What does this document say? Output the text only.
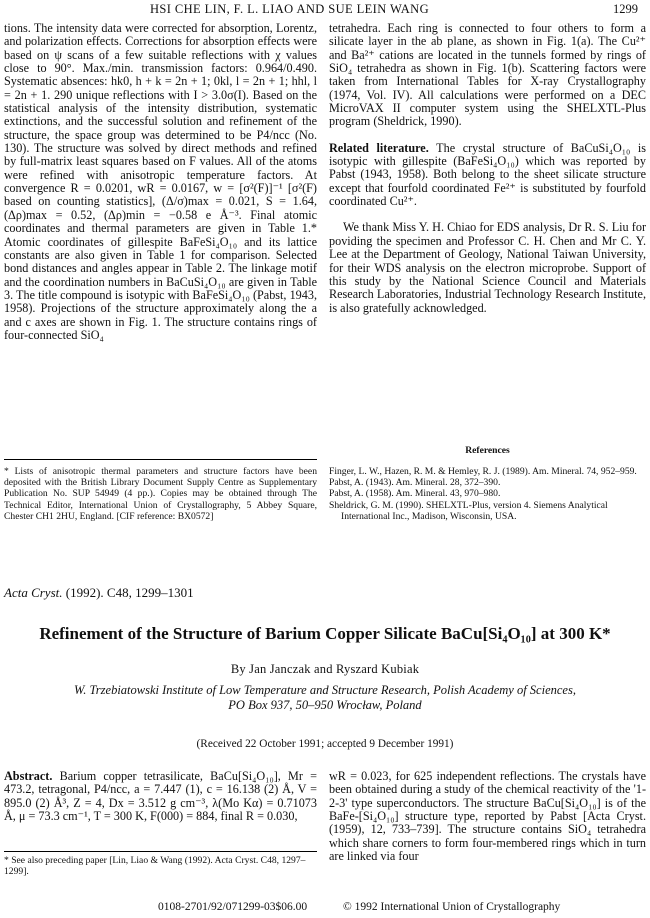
HSI CHE LIN, F. L. LIAO AND SUE LEIN WANG	1299

tions. The intensity data were corrected for absorption, Lorentz, and polarization effects. Corrections for absorption effects were based on ψ scans of a few suitable reflections with χ values close to 90°. Max./min. transmission factors: 0.964/0.490. Systematic absences: hk0, h + k = 2n + 1; 0kl, l = 2n + 1; hhl, l = 2n + 1. 290 unique reflections with I > 3.0σ(I). Based on the statistical analysis of the intensity distribution, systematic extinctions, and the successful solution and refinement of the structure, the space group was determined to be P4/ncc (No. 130). The structure was solved by direct methods and refined by full-matrix least squares based on F values. All of the atoms were refined with anisotropic temperature factors. At convergence R = 0.0201, wR = 0.0167, w = [σ²(F)]⁻¹ [σ²(F) based on counting statistics], (Δ/σ)max = 0.021, S = 1.64, (Δρ)max = 0.52, (Δρ)min = −0.58 e Å⁻³. Final atomic coordinates and thermal parameters are given in Table 1.* Atomic coordinates of gillespite BaFeSi₄O₁₀ and its lattice constants are also given in Table 1 for comparison. Selected bond distances and angles appear in Table 2. The linkage motif and the coordination numbers in BaCuSi₄O₁₀ are given in Table 3. The title compound is isotypic with BaFeSi₄O₁₀ (Pabst, 1943, 1958). Projections of the structure approximately along the a and c axes are shown in Fig. 1. The structure contains rings of four-connected SiO₄

* Lists of anisotropic thermal parameters and structure factors have been deposited with the British Library Document Supply Centre as Supplementary Publication No. SUP 54949 (4 pp.). Copies may be obtained through The Technical Editor, International Union of Crystallography, 5 Abbey Square, Chester CH1 2HU, England. [CIF reference: BX0572]

tetrahedra. Each ring is connected to four others to form a silicate layer in the ab plane, as shown in Fig. 1(a). The Cu²⁺ and Ba²⁺ cations are located in the tunnels formed by rings of SiO₄ tetrahedra as shown in Fig. 1(b). Scattering factors were taken from International Tables for X-ray Crystallography (1974, Vol. IV). All calculations were performed on a DEC MicroVAX II computer system using the SHELXTL-Plus program (Sheldrick, 1990).

Related literature. The crystal structure of BaCuSi₄O₁₀ is isotypic with gillespite (BaFeSi₄O₁₀) which was reported by Pabst (1943, 1958). Both belong to the sheet silicate structure except that fourfold coordinated Fe²⁺ is substituted by fourfold coordinated Cu²⁺.

We thank Miss Y. H. Chiao for EDS analysis, Dr R. S. Liu for poviding the specimen and Professor C. H. Chen and Mr C. Y. Lee at the Department of Geology, National Taiwan University, for their WDS analysis on the electron microprobe. Support of this study by the National Science Council and Materials Research Laboratories, Industrial Technology Research Institute, is also gratefully acknowledged.

References

Finger, L. W., Hazen, R. M. & Hemley, R. J. (1989). Am. Mineral. 74, 952–959.

Pabst, A. (1943). Am. Mineral. 28, 372–390.

Pabst, A. (1958). Am. Mineral. 43, 970–980.

Sheldrick, G. M. (1990). SHELXTL-Plus, version 4. Siemens Analytical International Inc., Madison, Wisconsin, USA.

Acta Cryst. (1992). C48, 1299–1301
Refinement of the Structure of Barium Copper Silicate BaCu[Si₄O₁₀] at 300 K*
By Jan Janczak and Ryszard Kubiak
W. Trzebiatowski Institute of Low Temperature and Structure Research, Polish Academy of Sciences,
PO Box 937, 50–950 Wrocław, Poland
(Received 22 October 1991; accepted 9 December 1991)

Abstract. Barium copper tetrasilicate, BaCu[Si₄O₁₀], Mr = 473.2, tetragonal, P4/ncc, a = 7.447 (1), c = 16.138 (2) Å, V = 895.0 (2) Å³, Z = 4, Dx = 3.512 g cm⁻³, λ(Mo Kα) = 0.71073 Å, μ = 73.3 cm⁻¹, T = 300 K, F(000) = 884, final R = 0.030,

wR = 0.023, for 625 independent reflections. The crystals have been obtained during a study of the chemical reactivity of the '1-2-3' type superconductors. The structure BaCu[Si₄O₁₀] is of the BaFe-[Si₄O₁₀] structure type, reported by Pabst [Acta Cryst. (1959), 12, 733–739]. The structure contains SiO₄ tetrahedra which share corners to form four-membered rings which in turn are linked via four

* See also preceding paper [Lin, Liao & Wang (1992). Acta Cryst. C48, 1297–1299].

0108-2701/92/071299-03$06.00	© 1992 International Union of Crystallography
